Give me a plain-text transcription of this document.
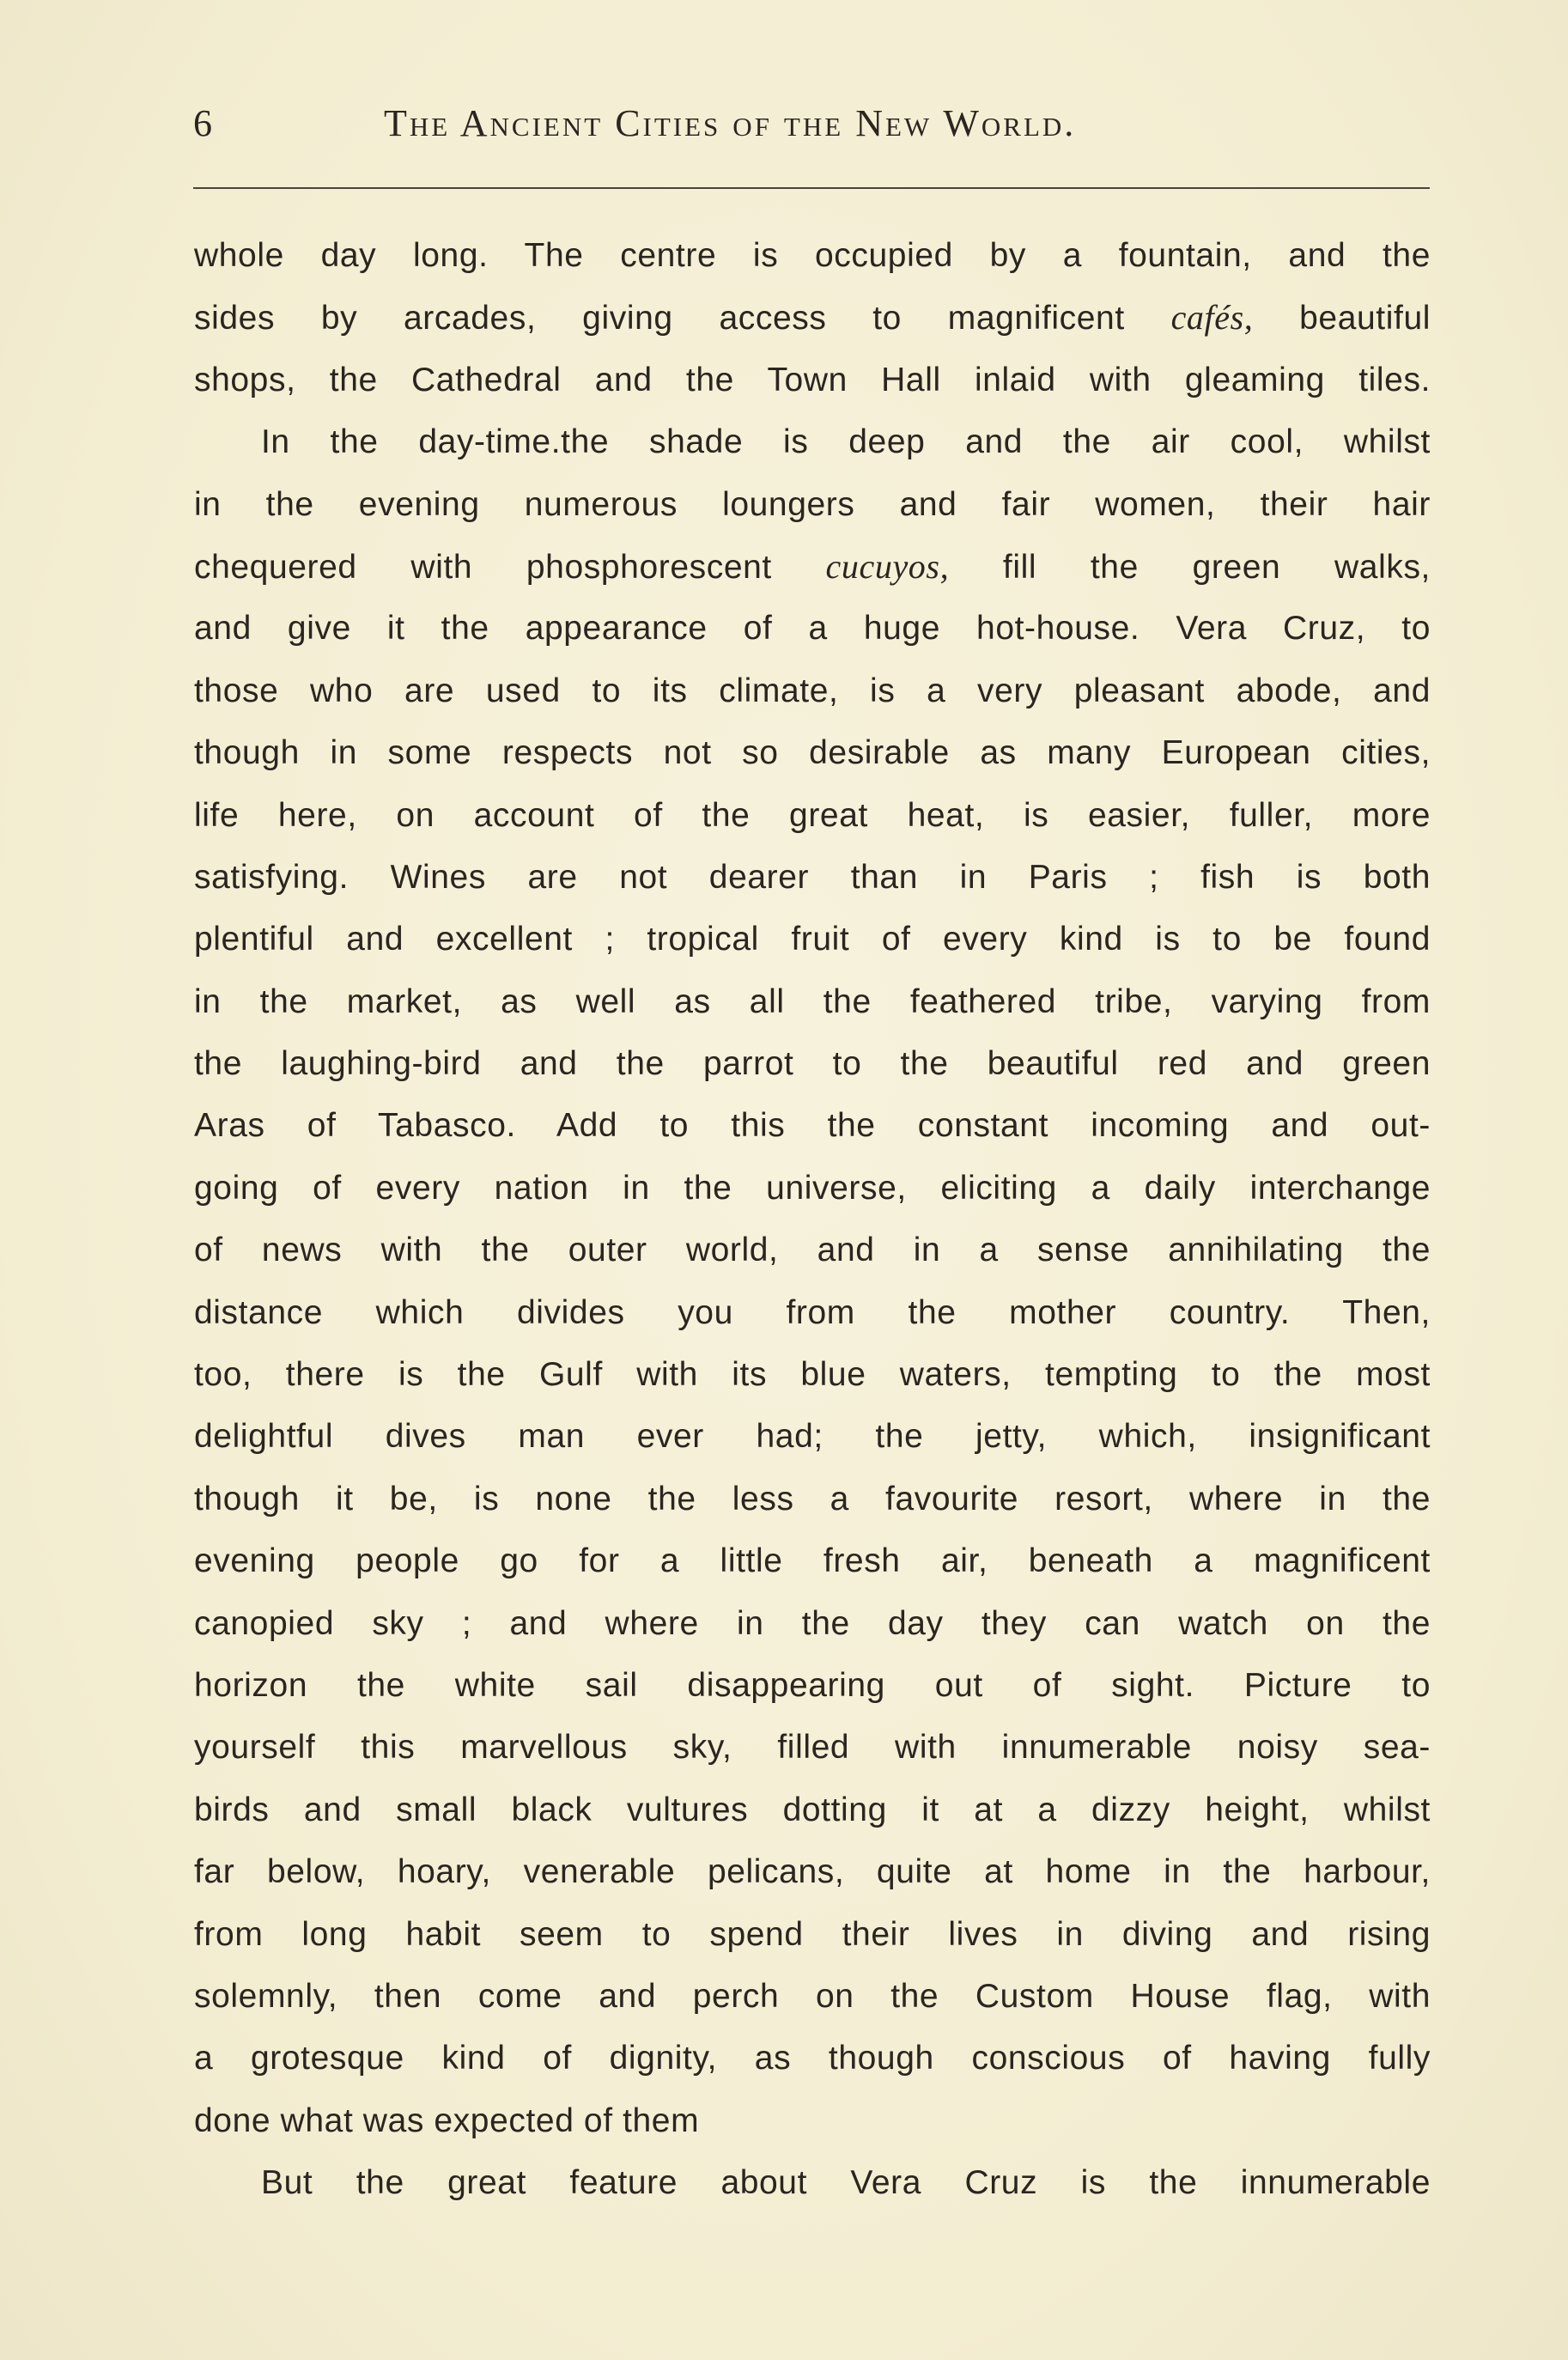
6	The Ancient Cities of the New World.
whole day long. The centre is occupied by a fountain, and the
sides by arcades, giving access to magnificent cafés, beautiful
shops, the Cathedral and the Town Hall inlaid with gleaming tiles.
In the day-time.the shade is deep and the air cool, whilst
in the evening numerous loungers and fair women, their hair
chequered with phosphorescent cucuyos, fill the green walks,
and give it the appearance of a huge hot-house. Vera Cruz, to
those who are used to its climate, is a very pleasant abode, and
though in some respects not so desirable as many European cities,
life here, on account of the great heat, is easier, fuller, more
satisfying. Wines are not dearer than in Paris ; fish is both
plentiful and excellent ; tropical fruit of every kind is to be found
in the market, as well as all the feathered tribe, varying from
the laughing-bird and the parrot to the beautiful red and green
Aras of Tabasco. Add to this the constant incoming and out-
going of every nation in the universe, eliciting a daily interchange
of news with the outer world, and in a sense annihilating the
distance which divides you from the mother country. Then,
too, there is the Gulf with its blue waters, tempting to the most
delightful dives man ever had; the jetty, which, insignificant
though it be, is none the less a favourite resort, where in the
evening people go for a little fresh air, beneath a magnificent
canopied sky ; and where in the day they can watch on the
horizon the white sail disappearing out of sight. Picture to
yourself this marvellous sky, filled with innumerable noisy sea-
birds and small black vultures dotting it at a dizzy height, whilst
far below, hoary, venerable pelicans, quite at home in the harbour,
from long habit seem to spend their lives in diving and rising
solemnly, then come and perch on the Custom House flag, with
a grotesque kind of dignity, as though conscious of having fully
done what was expected of them
But the great feature about Vera Cruz is the innumerable
